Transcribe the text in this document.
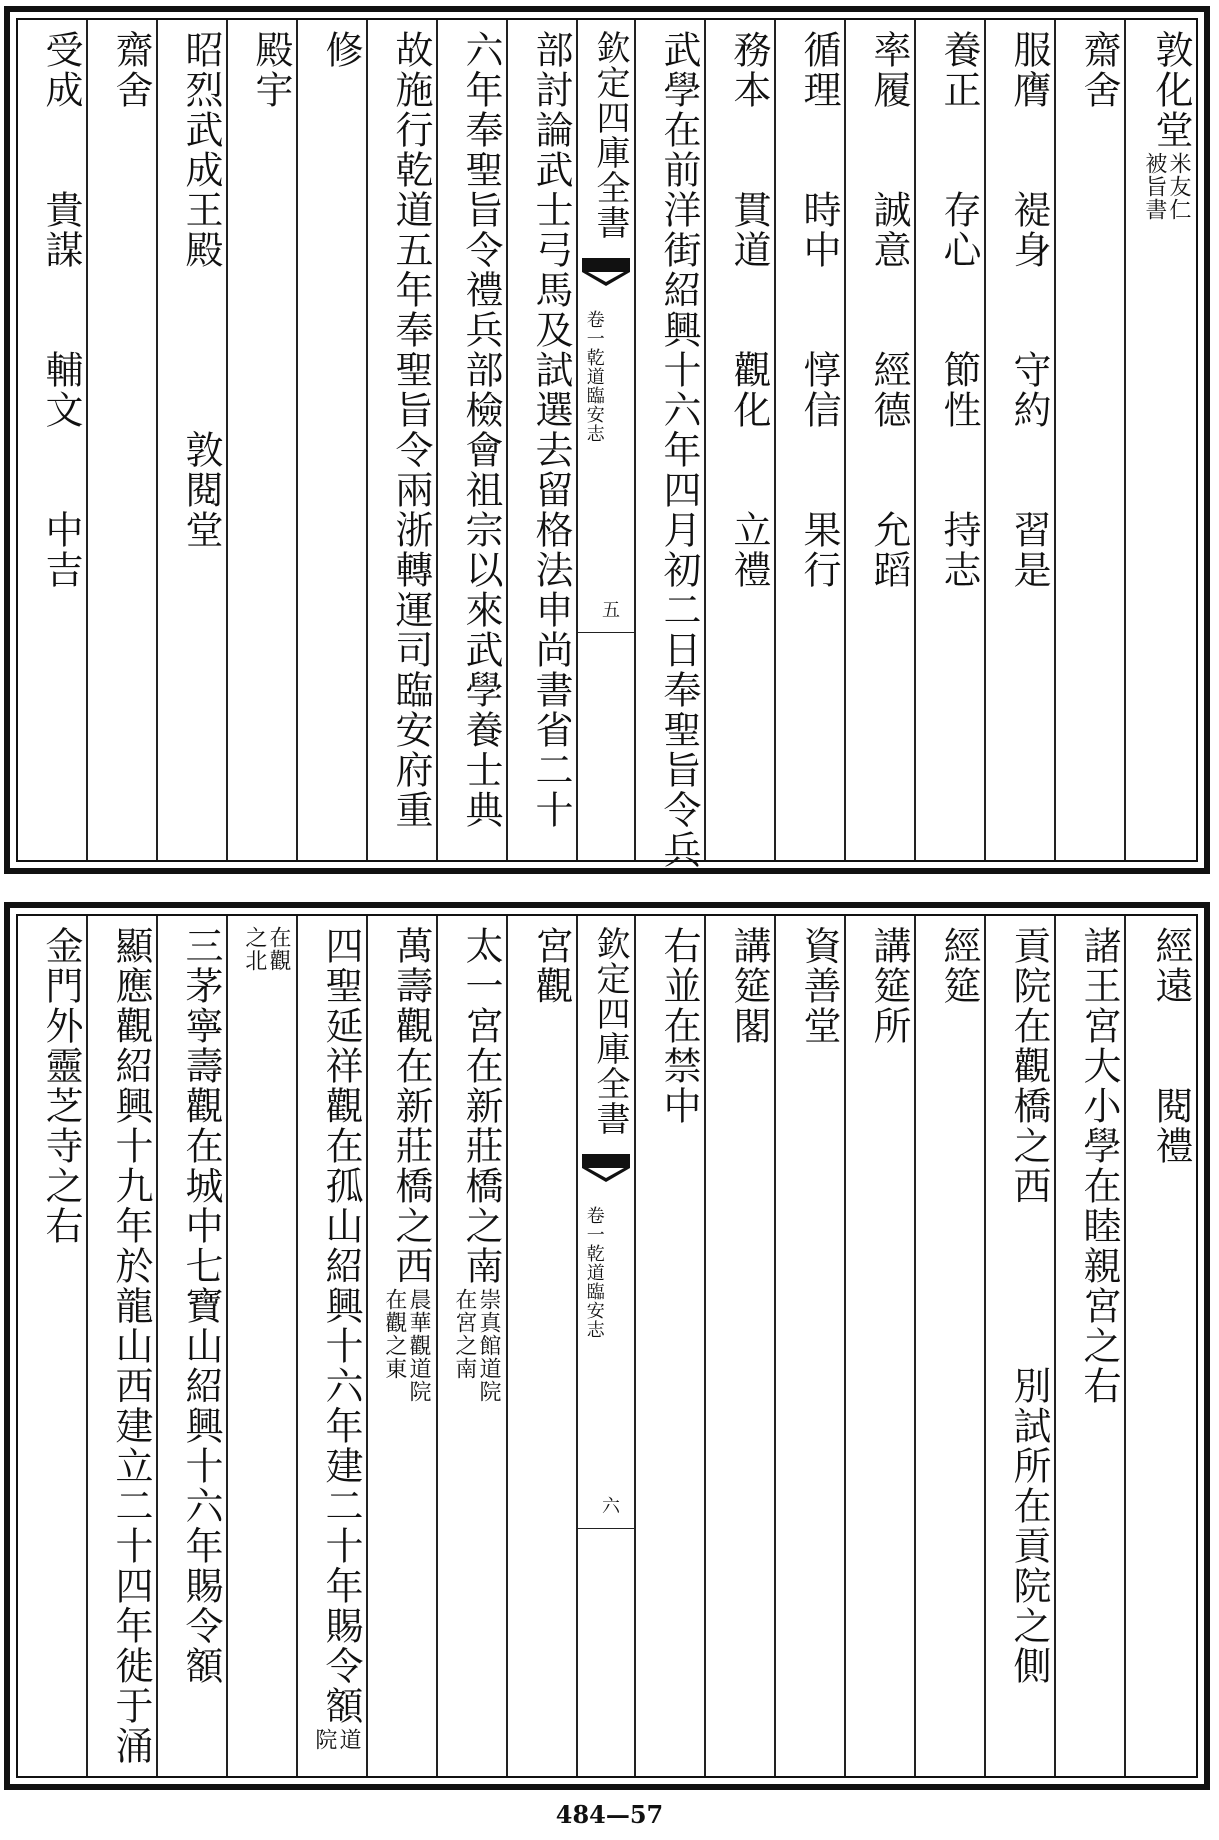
敦化堂
米友仁
被旨書
齋舍
服膺　　褆身　　守約　　習是
養正　　存心　　節性　　持志
率履　　誠意　　經德　　允蹈
循理　　時中　　惇信　　果行
務本　　貫道　　觀化　　立禮
武學在前洋街紹興十六年四月初二日奉聖旨令兵
欽定四庫全書
乾道臨安志
卷一
五
部討論武士弓馬及試選去留格法申尚書省二十
六年奉聖旨令禮兵部檢會祖宗以來武學養士典
故施行乾道五年奉聖旨令兩浙轉運司臨安府重
修
殿宇
昭烈武成王殿　　　　敦閱堂
齋舍
受成　　貴謀　　輔文　　中吉
經遠　　閱禮
諸王宮大小學在睦親宮之右
貢院在觀橋之西　　　　別試所在貢院之側
經筵
講筵所
資善堂
講筵閣
右並在禁中
欽定四庫全書
乾道臨安志
卷一
六
宮觀
太一宮在新莊橋之南
崇真館道院
在宮之南
萬壽觀在新莊橋之西
晨華觀道院
在觀之東
四聖延祥觀在孤山紹興十六年建二十年賜令額
道
院
在觀
之北
三茅寧壽觀在城中七寶山紹興十六年賜令額
顯應觀紹興十九年於龍山西建立二十四年徙于涌
金門外靈芝寺之右
484—57
